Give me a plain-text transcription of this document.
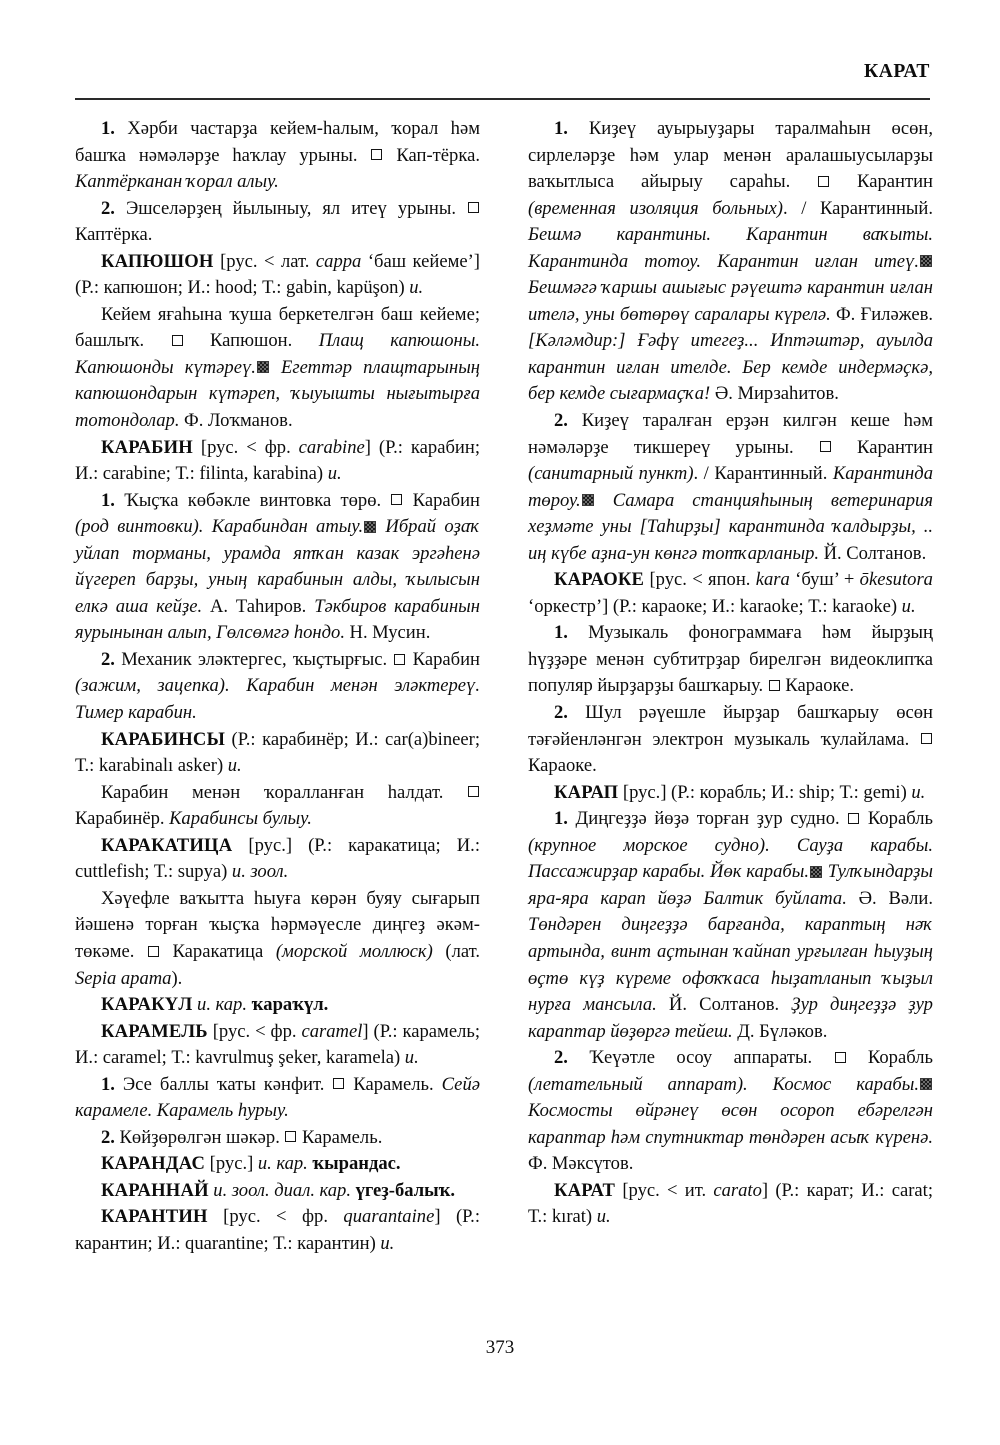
КАРАТ

1. Хәрби частарҙа кейем-һалым, ҡорал һәм башҡа нәмәләрҙе һаҡлау урыны.  Кап-тёрка. Каптёрканан ҡорал алыу.

2. Эшселәрҙең йылыныу, ял итеү урыны.  Каптёрка.

КАПЮШОН [рус. < лат. cappa ‘баш кейеме’] (Р.: капюшон; И.: hood; Т.: gabin, kapüşon) и.

Кейем яғаһына ҡуша беркетелгән баш кейеме; башлыҡ.  Капюшон. Плащ капюшоны. Капюшонды күтәреү. Егеттәр плащтарының капюшондарын күтәреп, ҡыуышты нығытырға тотондолар. Ф. Лоҡманов.

КАРАБИН [рус. < фр. carabine] (Р.: карабин; И.: carabine; Т.: filinta, karabina) и.

1. Ҡыҫҡа көбәкле винтовка төрө.  Карабин (род винтовки). Карабиндан атыу. Ибрай оҙаҡ уйлап торманы, урамда ятҡан казак эргәһенә йүгереп барҙы, уның карабинын алды, ҡылысын елкә аша кейҙе. А. Таһиров. Тәкбиров карабинын яурынынан алып, Гөлсөмгә һондо. Н. Мусин.

2. Механик эләктергес, ҡыҫтырғыс.  Карабин (зажим, зацепка). Карабин менән эләктереү. Тимер карабин.

КАРАБИНСЫ (Р.: карабинёр; И.: car(a)bineer; Т.: karabinalı asker) и.

Карабин менән ҡоралланған һалдат.  Карабинёр. Карабинсы булыу.

КАРАКАТИЦА [рус.] (Р.: каракатица; И.: cuttlefish; Т.: supya) и. зоол.

Хәүефле ваҡытта һыуға көрән буяу сығарып йәшенә торған ҡыҫҡа һәрмәүесле диңгеҙ әкәм-төкәме.  Каракатица (морской моллюск) (лат. Sepia apama).

КАРАКҮЛ и. кар. ҡараҡүл.

КАРАМЕЛЬ [рус. < фр. caramel] (Р.: карамель; И.: caramel; Т.: kavrulmuş şeker, karamela) и.

1. Эсе баллы ҡаты кәнфит.  Карамель. Сейә карамеле. Карамель һурыу.

2. Көйҙөрөлгән шәкәр.  Карамель.

КАРАНДАС [рус.] и. кар. ҡырандас.

КАРАННАЙ и. зоол. диал. кар. үгеҙ-балыҡ.

КАРАНТИН [рус. < фр. quarantaine] (Р.: карантин; И.: quarantine; Т.: карантин) и.

1. Киҙеү ауырыуҙары таралмаһын өсөн, сирлеләрҙе һәм улар менән аралашыусыларҙы ваҡытлыса айырыу сараһы.  Карантин (временная изоляция больных). / Карантинный. Бешмә карантины. Карантин ваҡыты. Карантинда тотоу. Карантин иғлан итеү. Бешмәгә ҡаршы ашығыс рәүештә карантин иғлан ителә, уны бөтөрөү саралары күрелә. Ф. Ғиләжев. [Кәләмдир:] Ғәфү итегеҙ... Иптәштәр, ауылда карантин иғлан ителде. Бер кемде индермәҫкә, бер кемде сығармаҫҡа! Ә. Мирзаһитов.

2. Киҙеү таралған ерҙән килгән кеше һәм нәмәләрҙе тикшереү урыны.  Карантин (санитарный пункт). / Карантинный. Карантинда төроу. Самара станцияһының ветеринария хеҙмәте уны [Таһирҙы] карантинда ҡалдырҙы, .. иң күбе аҙна-ун көнгә тотҡарланыр. Й. Солтанов.

КАРАОКЕ [рус. < япон. kara ‘буш’ + ōkesutora ‘оркестр’] (Р.: караоке; И.: karaoke; Т.: karaoke) и.

1. Музыкаль фонограммаға һәм йырҙың һүҙҙәре менән субтитрҙар бирелгән видеоклипҡа популяр йырҙарҙы башҡарыу.  Караоке.

2. Шул рәүешле йырҙар башҡарыу өсөн тәғәйенләнгән электрон музыкаль ҡулайлама.  Караоке.

КАРАП [рус.] (Р.: корабль; И.: ship; Т.: gemi) и.

1. Диңгеҙҙә йөҙә торған ҙур судно.  Корабль (крупное морское судно). Сауҙа карабы. Пассажирҙар карабы. Йөк карабы. Тулҡындарҙы яра-яра карап йөҙә Балтик буйлата. Ә. Вәли. Төндәрен диңгеҙҙә барғанда, караптың нәҡ артында, винт аҫтынан ҡайнап урғылған һыуҙың өҫтө күҙ күреме офоҡҡаса һыҙатланып ҡыҙыл нурға мансыла. Й. Солтанов. Ҙур диңгеҙҙә ҙур караптар йөҙөргә тейеш. Д. Бүләков.

2. Ҡеүәтле осоу аппараты.  Корабль (летательный аппарат). Космос карабы. Космосты өйрәнеү өсөн осороп ебәрелгән караптар һәм спутниктар төндәрен асыҡ күренә. Ф. Мәксүтов.

КАРАТ [рус. < ит. carato] (Р.: карат; И.: carat; Т.: kırat) и.

373
